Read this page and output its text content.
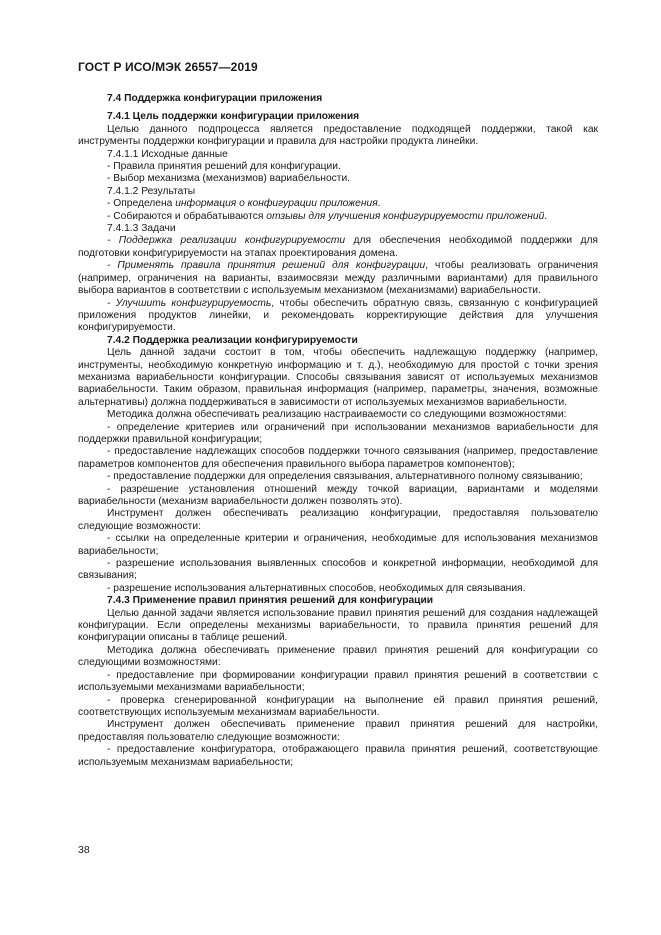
ГОСТ Р ИСО/МЭК 26557—2019

7.4 Поддержка конфигурации приложения

7.4.1 Цель поддержки конфигурации приложения

Целью данного подпроцесса является предоставление подходящей поддержки, такой как инструменты поддержки конфигурации и правила для настройки продукта линейки.

7.4.1.1 Исходные данные

- Правила принятия решений для конфигурации.

- Выбор механизма (механизмов) вариабельности.

7.4.1.2 Результаты

- Определена информация о конфигурации приложения.

- Собираются и обрабатываются отзывы для улучшения конфигурируемости приложений.

7.4.1.3 Задачи

- Поддержка реализации конфигурируемости для обеспечения необходимой поддержки для подготовки конфигурируемости на этапах проектирования домена.

- Применять правила принятия решений для конфигурации, чтобы реализовать ограничения (например, ограничения на варианты, взаимосвязи между различными вариантами) для правильного выбора вариантов в соответствии с используемым механизмом (механизмами) вариабельности.

- Улучшить конфигурируемость, чтобы обеспечить обратную связь, связанную с конфигурацией приложения продуктов линейки, и рекомендовать корректирующие действия для улучшения конфигурируемости.

7.4.2 Поддержка реализации конфигурируемости

Цель данной задачи состоит в том, чтобы обеспечить надлежащую поддержку (например, инструменты, необходимую конкретную информацию и т. д.), необходимую для простой с точки зрения механизма вариабельности конфигурации. Способы связывания зависят от используемых механизмов вариабельности. Таким образом, правильная информация (например, параметры, значения, возможные альтернативы) должна поддерживаться в зависимости от используемых механизмов вариабельности.

Методика должна обеспечивать реализацию настраиваемости со следующими возможностями:

- определение критериев или ограничений при использовании механизмов вариабельности для поддержки правильной конфигурации;

- предоставление надлежащих способов поддержки точного связывания (например, предоставление параметров компонентов для обеспечения правильного выбора параметров компонентов);

- предоставление поддержки для определения связывания, альтернативного полному связыванию;

- разрешение установления отношений между точкой вариации, вариантами и моделями вариабельности (механизм вариабельности должен позволять это).

Инструмент должен обеспечивать реализацию конфигурации, предоставляя пользователю следующие возможности:

- ссылки на определенные критерии и ограничения, необходимые для использования механизмов вариабельности;

- разрешение использования выявленных способов и конкретной информации, необходимой для связывания;

- разрешение использования альтернативных способов, необходимых для связывания.

7.4.3 Применение правил принятия решений для конфигурации

Целью данной задачи является использование правил принятия решений для создания надлежащей конфигурации. Если определены механизмы вариабельности, то правила принятия решений для конфигурации описаны в таблице решений.

Методика должна обеспечивать применение правил принятия решений для конфигурации со следующими возможностями:

- предоставление при формировании конфигурации правил принятия решений в соответствии с используемыми механизмами вариабельности;

- проверка сгенерированной конфигурации на выполнение ей правил принятия решений, соответствующих используемым механизмам вариабельности.

Инструмент должен обеспечивать применение правил принятия решений для настройки, предоставляя пользователю следующие возможности:

- предоставление конфигуратора, отображающего правила принятия решений, соответствующие используемым механизмам вариабельности;

38
